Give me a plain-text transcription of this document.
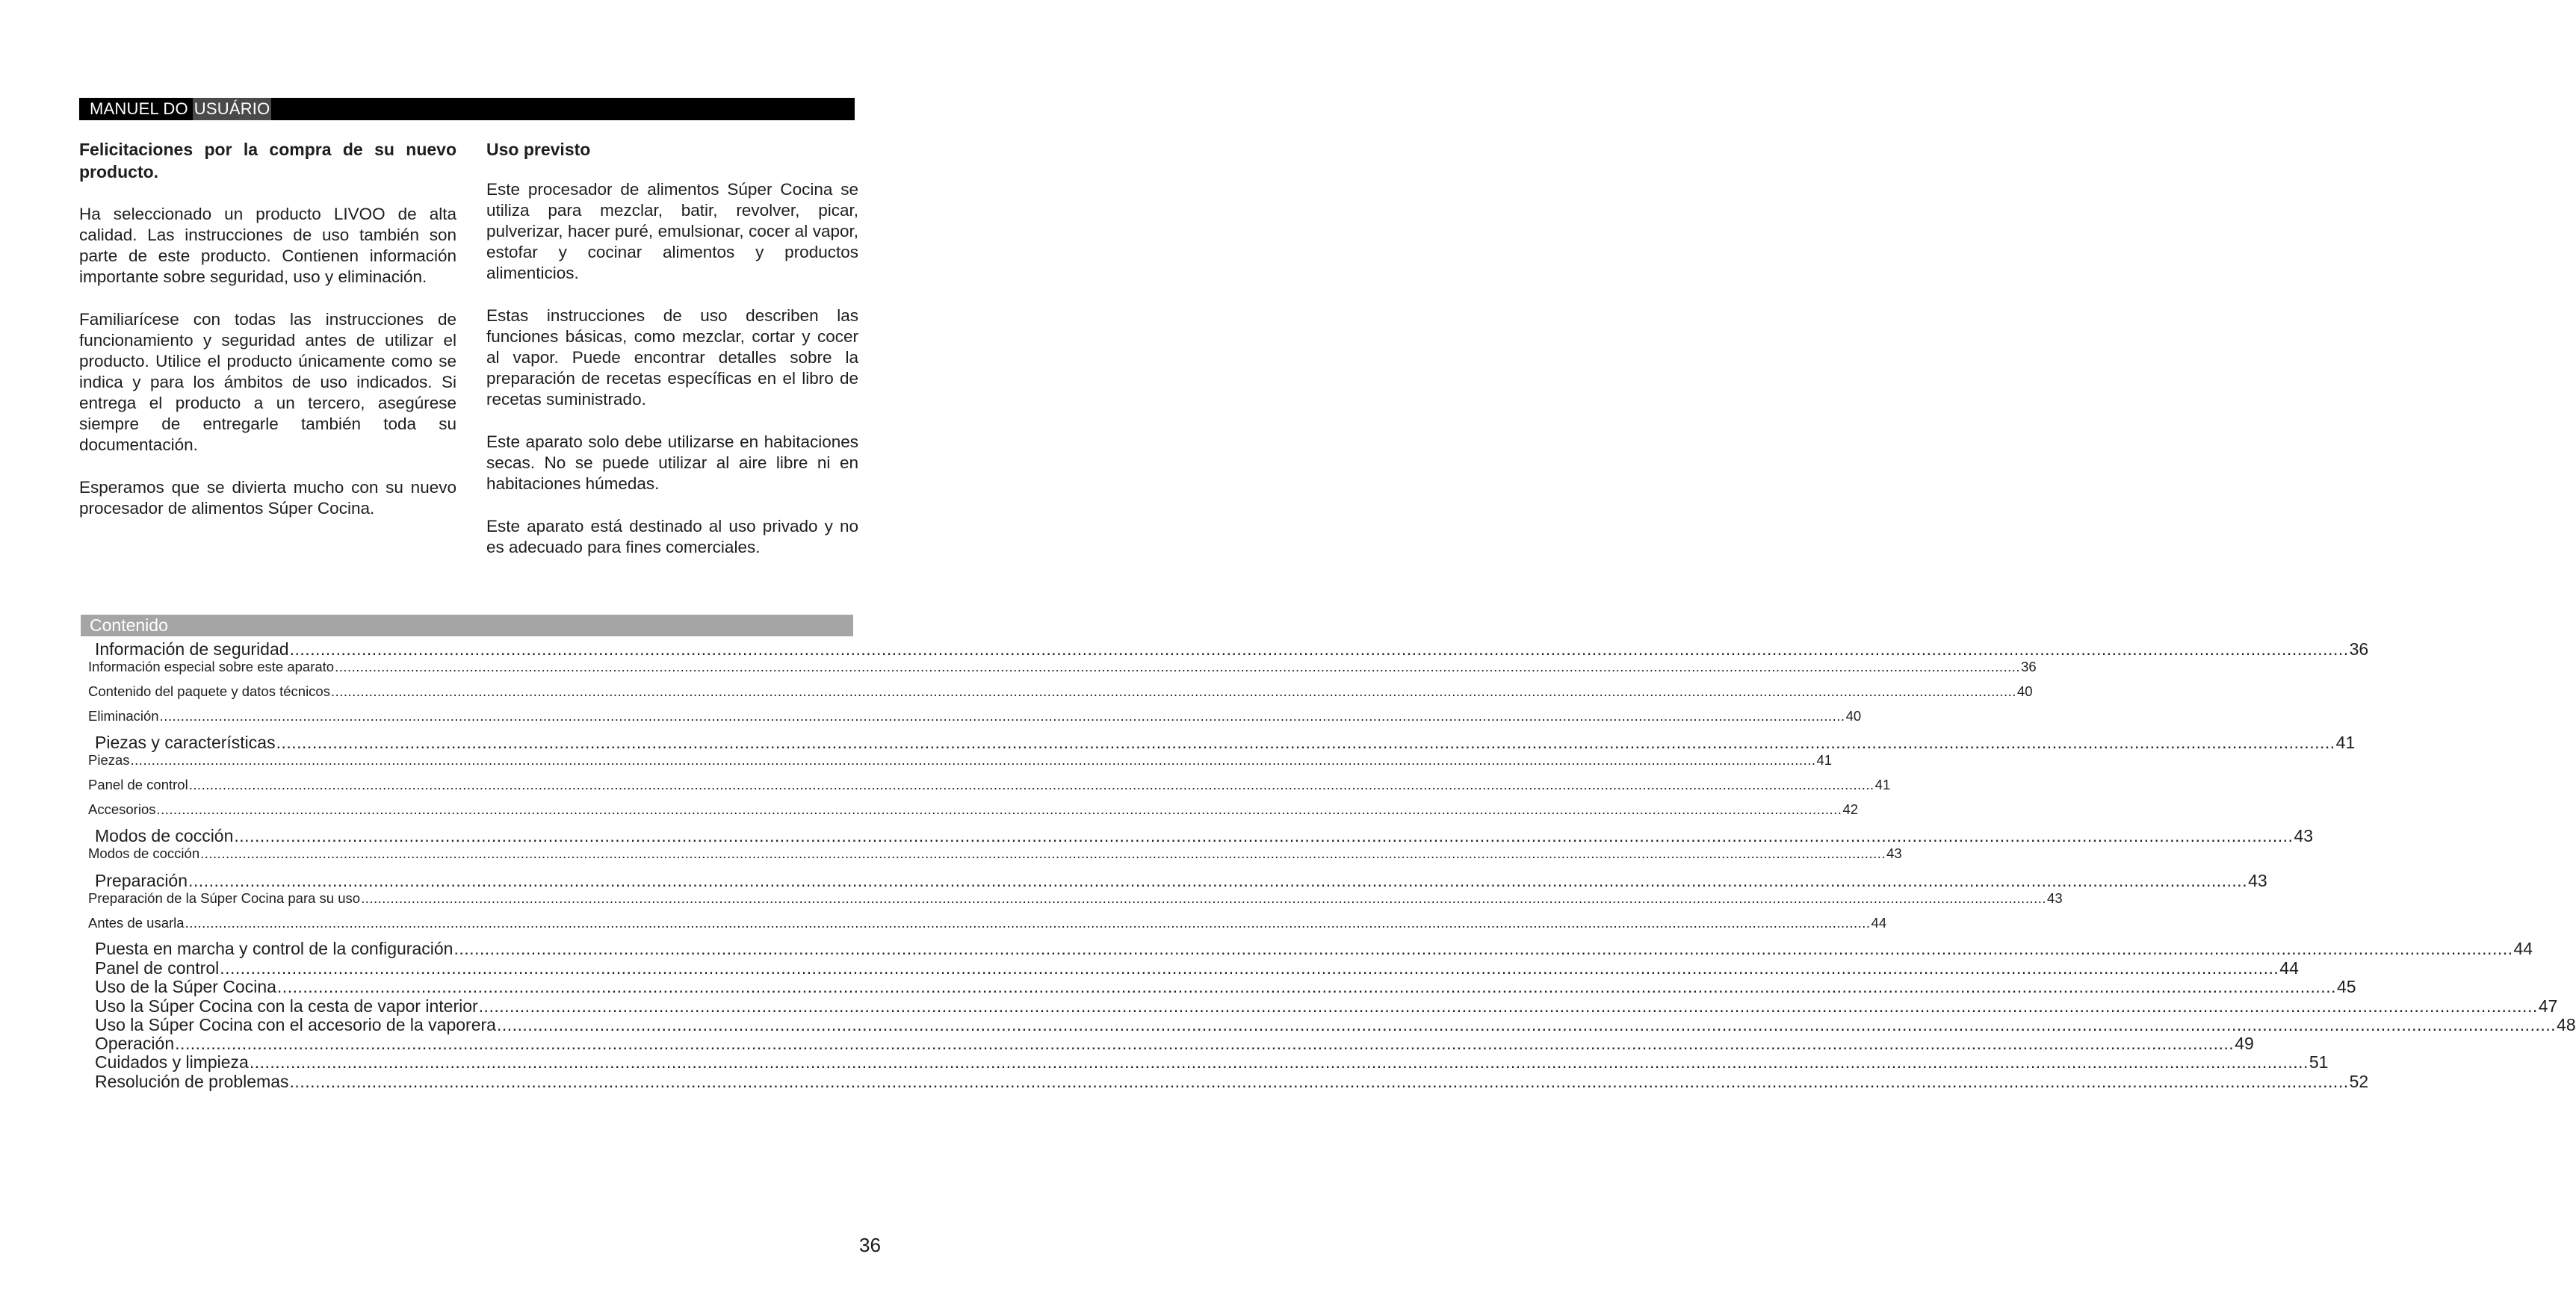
MANUEL DO USUÁRIO
Felicitaciones por la compra de su nuevo producto.

Ha seleccionado un producto LIVOO de alta calidad. Las instrucciones de uso también son parte de este producto. Contienen información importante sobre seguridad, uso y eliminación.

Familiarícese con todas las instrucciones de funcionamiento y seguridad antes de utilizar el producto. Utilice el producto únicamente como se indica y para los ámbitos de uso indicados. Si entrega el producto a un tercero, asegúrese siempre de entregarle también toda su documentación.

Esperamos que se divierta mucho con su nuevo procesador de alimentos Súper Cocina.

Uso previsto

Este procesador de alimentos Súper Cocina se utiliza para mezclar, batir, revolver, picar, pulverizar, hacer puré, emulsionar, cocer al vapor, estofar y cocinar alimentos y productos alimenticios.

Estas instrucciones de uso describen las funciones básicas, como mezclar, cortar y cocer al vapor. Puede encontrar detalles sobre la preparación de recetas específicas en el libro de recetas suministrado.

Este aparato solo debe utilizarse en habitaciones secas. No se puede utilizar al aire libre ni en habitaciones húmedas.

Este aparato está destinado al uso privado y no es adecuado para fines comerciales.

Contenido
Información de seguridad ................................................................................................................................................................................................................................................................................................................................................................................................................ 36
Información especial sobre este aparato ................................................................................................................................................................................................................................................................................................................................................................................................................ 36
Contenido del paquete y datos técnicos ................................................................................................................................................................................................................................................................................................................................................................................................................ 40
Eliminación ................................................................................................................................................................................................................................................................................................................................................................................................................ 40
Piezas y características ................................................................................................................................................................................................................................................................................................................................................................................................................ 41
Piezas ................................................................................................................................................................................................................................................................................................................................................................................................................ 41
Panel de control ................................................................................................................................................................................................................................................................................................................................................................................................................ 41
Accesorios ................................................................................................................................................................................................................................................................................................................................................................................................................ 42
Modos de cocción ................................................................................................................................................................................................................................................................................................................................................................................................................ 43
Modos de cocción ................................................................................................................................................................................................................................................................................................................................................................................................................ 43
Preparación ................................................................................................................................................................................................................................................................................................................................................................................................................ 43
Preparación de la Súper Cocina para su uso ................................................................................................................................................................................................................................................................................................................................................................................................................ 43
Antes de usarla ................................................................................................................................................................................................................................................................................................................................................................................................................ 44
Puesta en marcha y control de la configuración ................................................................................................................................................................................................................................................................................................................................................................................................................ 44
Panel de control ................................................................................................................................................................................................................................................................................................................................................................................................................ 44
Uso de la Súper Cocina ................................................................................................................................................................................................................................................................................................................................................................................................................ 45
Uso la Súper Cocina con la cesta de vapor interior ................................................................................................................................................................................................................................................................................................................................................................................................................ 47
Uso la Súper Cocina con el accesorio de la vaporera ................................................................................................................................................................................................................................................................................................................................................................................................................ 48
Operación ................................................................................................................................................................................................................................................................................................................................................................................................................ 49
Cuidados y limpieza ................................................................................................................................................................................................................................................................................................................................................................................................................ 51
Resolución de problemas ................................................................................................................................................................................................................................................................................................................................................................................................................ 52
36
